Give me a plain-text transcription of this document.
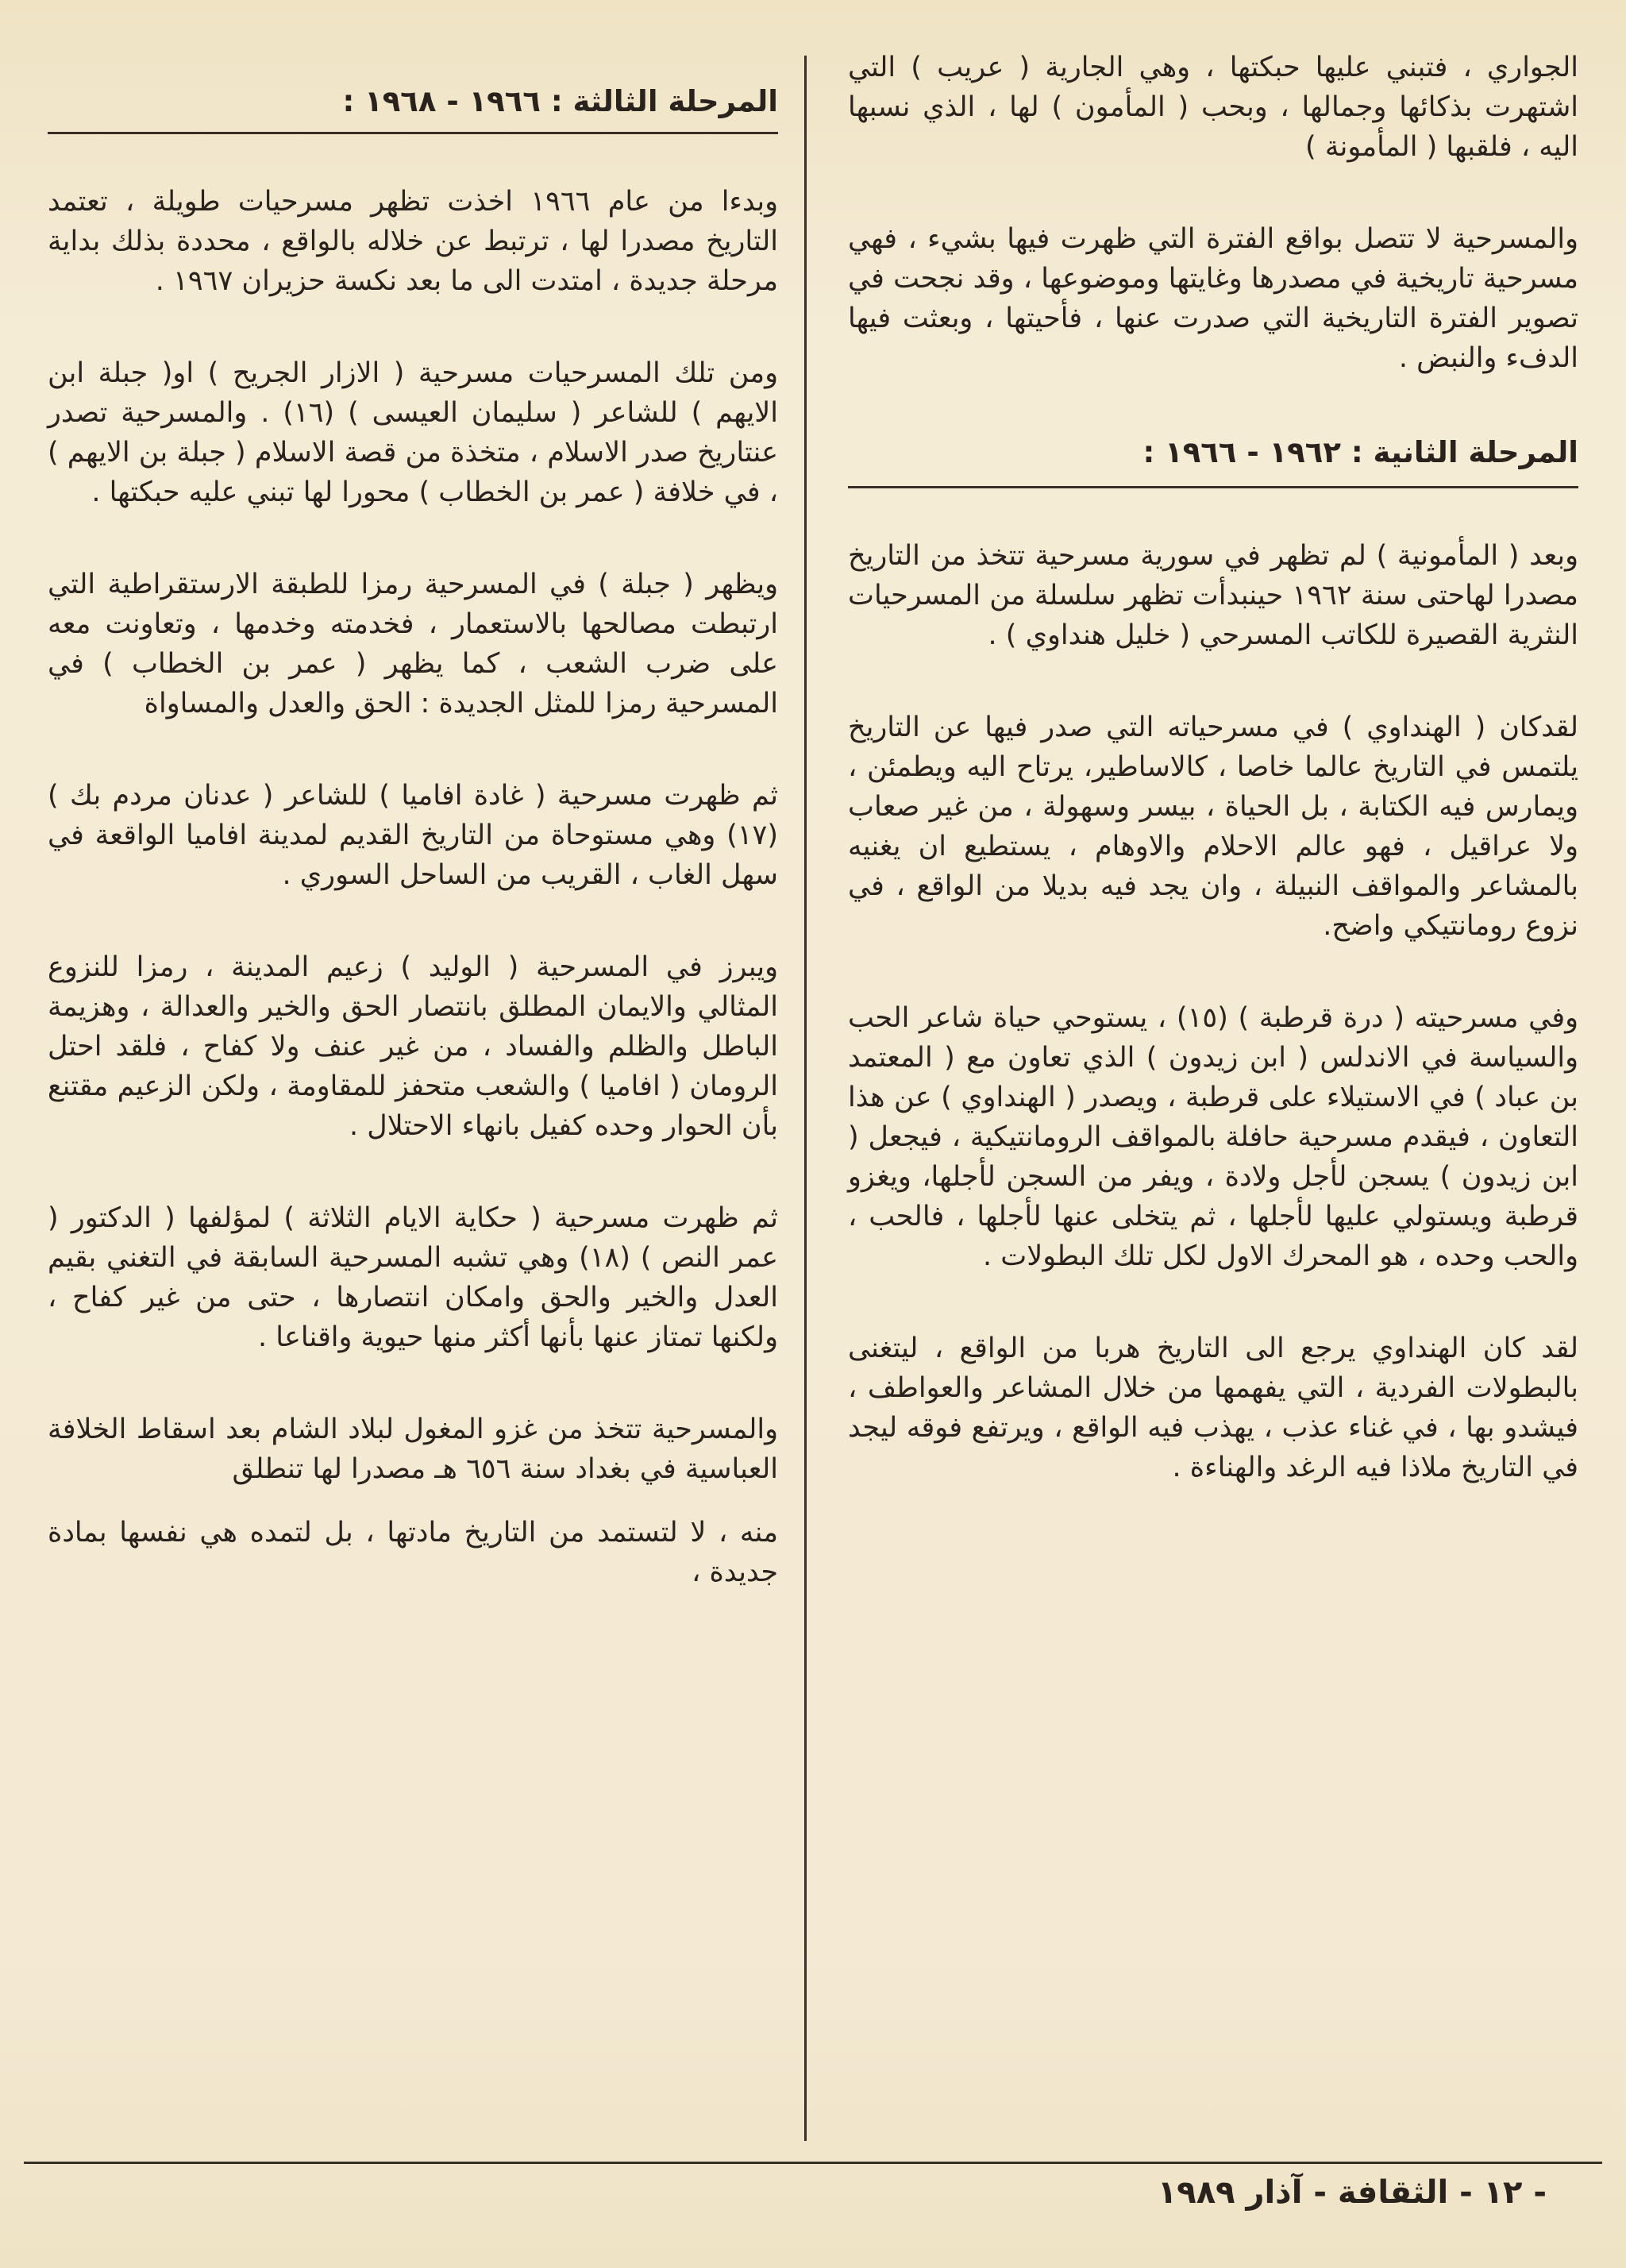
الجواري ، فتبني عليها حبكتها ، وهي الجارية ( عريب ) التي اشتهرت بذكائها وجمالها ، وبحب ( المأمون ) لها ، الذي نسبها اليه ، فلقبها ( المأمونة )

والمسرحية لا تتصل بواقع الفترة التي ظهرت فيها بشيء ، فهي مسرحية تاريخية في مصدرها وغايتها وموضوعها ، وقد نجحت في تصوير الفترة التاريخية التي صدرت عنها ، فأحيتها ، وبعثت فيها الدفء والنبض .

المرحلة الثانية : ١٩٦٢ - ١٩٦٦ :

وبعد ( المأمونية ) لم تظهر في سورية مسرحية تتخذ من التاريخ مصدرا لهاحتى سنة ١٩٦٢ حينبدأت تظهر سلسلة من المسرحيات النثرية القصيرة للكاتب المسرحي ( خليل هنداوي ) .

لقدكان ( الهنداوي ) في مسرحياته التي صدر فيها عن التاريخ يلتمس في التاريخ عالما خاصا ، كالاساطير، يرتاح اليه ويطمئن ، ويمارس فيه الكتابة ، بل الحياة ، بيسر وسهولة ، من غير صعاب ولا عراقيل ، فهو عالم الاحلام والاوهام ، يستطيع ان يغنيه بالمشاعر والمواقف النبيلة ، وان يجد فيه بديلا من الواقع ، في نزوع رومانتيكي واضح.

وفي مسرحيته ( درة قرطبة ) (١٥) ، يستوحي حياة شاعر الحب والسياسة في الاندلس ( ابن زيدون ) الذي تعاون مع ( المعتمد بن عباد ) في الاستيلاء على قرطبة ، ويصدر ( الهنداوي ) عن هذا التعاون ، فيقدم مسرحية حافلة بالمواقف الرومانتيكية ، فيجعل ( ابن زيدون ) يسجن لأجل ولادة ، ويفر من السجن لأجلها، ويغزو قرطبة ويستولي عليها لأجلها ، ثم يتخلى عنها لأجلها ، فالحب ، والحب وحده ، هو المحرك الاول لكل تلك البطولات .

لقد كان الهنداوي يرجع الى التاريخ هربا من الواقع ، ليتغنى بالبطولات الفردية ، التي يفهمها من خلال المشاعر والعواطف ، فيشدو بها ، في غناء عذب ، يهذب فيه الواقع ، ويرتفع فوقه ليجد في التاريخ ملاذا فيه الرغد والهناءة .

المرحلة الثالثة : ١٩٦٦ - ١٩٦٨ :

وبدءا من عام ١٩٦٦ اخذت تظهر مسرحيات طويلة ، تعتمد التاريخ مصدرا لها ، ترتبط عن خلاله بالواقع ، محددة بذلك بداية مرحلة جديدة ، امتدت الى ما بعد نكسة حزيران ١٩٦٧ .

ومن تلك المسرحيات مسرحية ( الازار الجريح ) او( جبلة ابن الايهم ) للشاعر ( سليمان العيسى ) (١٦) . والمسرحية تصدر عنتاريخ صدر الاسلام ، متخذة من قصة الاسلام ( جبلة بن الايهم ) ، في خلافة ( عمر بن الخطاب ) محورا لها تبني عليه حبكتها .

ويظهر ( جبلة ) في المسرحية رمزا للطبقة الارستقراطية التي ارتبطت مصالحها بالاستعمار ، فخدمته وخدمها ، وتعاونت معه على ضرب الشعب ، كما يظهر ( عمر بن الخطاب ) في المسرحية رمزا للمثل الجديدة : الحق والعدل والمساواة

ثم ظهرت مسرحية ( غادة افاميا ) للشاعر ( عدنان مردم بك ) (١٧) وهي مستوحاة من التاريخ القديم لمدينة افاميا الواقعة في سهل الغاب ، القريب من الساحل السوري .

ويبرز في المسرحية ( الوليد ) زعيم المدينة ، رمزا للنزوع المثالي والايمان المطلق بانتصار الحق والخير والعدالة ، وهزيمة الباطل والظلم والفساد ، من غير عنف ولا كفاح ، فلقد احتل الرومان ( افاميا ) والشعب متحفز للمقاومة ، ولكن الزعيم مقتنع بأن الحوار وحده كفيل بانهاء الاحتلال .

ثم ظهرت مسرحية ( حكاية الايام الثلاثة ) لمؤلفها ( الدكتور ( عمر النص ) (١٨) وهي تشبه المسرحية السابقة في التغني بقيم العدل والخير والحق وامكان انتصارها ، حتى من غير كفاح ، ولكنها تمتاز عنها بأنها أكثر منها حيوية واقناعا .

والمسرحية تتخذ من غزو المغول لبلاد الشام بعد اسقاط الخلافة العباسية في بغداد سنة ٦٥٦ هـ مصدرا لها تنطلق

منه ، لا لتستمد من التاريخ مادتها ، بل لتمده هي نفسها بمادة جديدة ،

- ١٢ - الثقافة - آذار ١٩٨٩
